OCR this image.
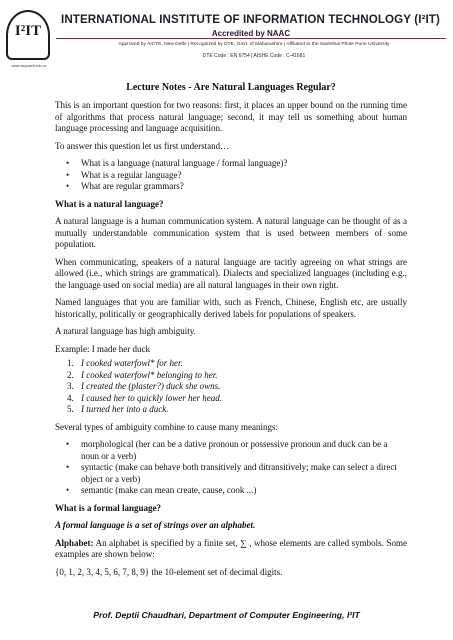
I²IT
www.isquareit.edu.in
INTERNATIONAL INSTITUTE OF INFORMATION TECHNOLOGY (I²IT)
Accredited by NAAC
Approved by AICTE, New Delhi | Recognized by DTE, Govt. of Maharashtra | Affiliated to the Savitribai Phule Pune University
DTE Code : EN 6754 | AISHE Code : C-41681
Lecture Notes - Are Natural Languages Regular?

This is an important question for two reasons: first, it places an upper bound on the running time of algorithms that process natural language; second, it may tell us something about human language processing and language acquisition.

To answer this question let us first understand…

• What is a language (natural language / formal language)?
• What is a regular language?
• What are regular grammars?
What is a natural language?

A natural language is a human communication system. A natural language can be thought of as a mutually understandable communication system that is used between members of some population.

When communicating, speakers of a natural language are tacitly agreeing on what strings are allowed (i.e., which strings are grammatical). Dialects and specialized languages (including e.g., the language used on social media) are all natural languages in their own right.

Named languages that you are familiar with, such as French, Chinese, English etc, are usually historically, politically or geographically derived labels for populations of speakers.

A natural language has high ambiguity.

Example: I made her duck

1. I cooked waterfowl* for her.
2. I cooked waterfowl* belonging to her.
3. I created the (plaster?) duck she owns.
4. I caused her to quickly lower her head.
5. I turned her into a duck.

Several types of ambiguity combine to cause many meanings:

• morphological (her can be a dative pronoun or possessive pronoun and duck can be a noun or a verb)
• syntactic (make can behave both transitively and ditransitively; make can select a direct object or a verb)
• semantic (make can mean create, cause, cook ...)
What is a formal language?

A formal language is a set of strings over an alphabet.

Alphabet: An alphabet is specified by a finite set, ∑ , whose elements are called symbols. Some examples are shown below:

{0, 1, 2, 3, 4, 5, 6, 7, 8, 9} the 10-element set of decimal digits.

Prof. Deptii Chaudhari, Department of Computer Engineering, I²IT
